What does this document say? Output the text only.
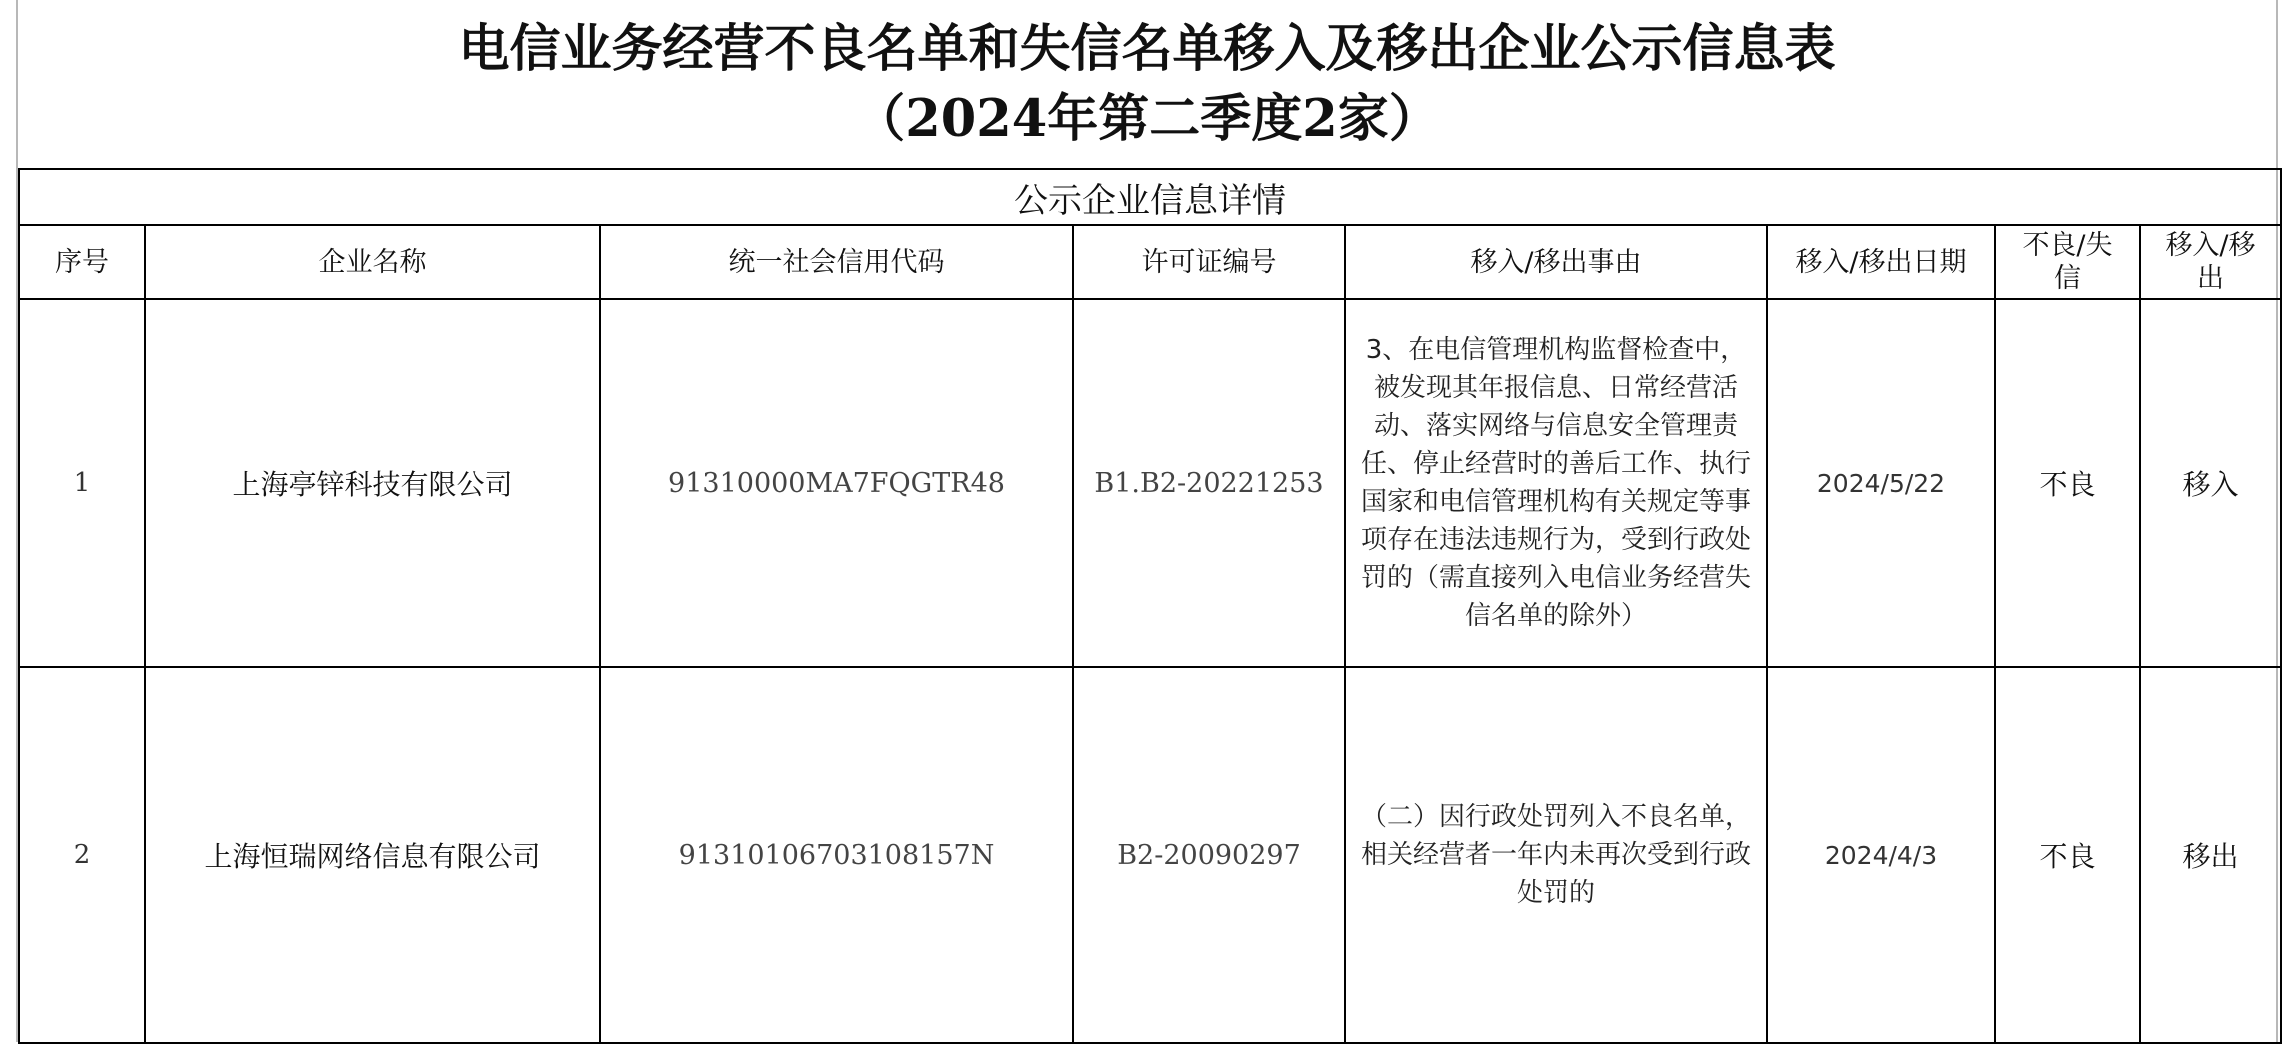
电信业务经营不良名单和失信名单移入及移出企业公示信息表
（2024年第二季度2家）
公示企业信息详情							
序号	企业名称	统一社会信用代码	许可证编号	移入/移出事由	移入/移出日期	不良/失信	移入/移出
1	上海亭锌科技有限公司	91310000MA7FQGTR48	B1.B2-20221253	3、在电信管理机构监督检查中，被发现其年报信息、日常经营活动、落实网络与信息安全管理责任、停止经营时的善后工作、执行国家和电信管理机构有关规定等事项存在违法违规行为，受到行政处罚的（需直接列入电信业务经营失信名单的除外）	2024/5/22	不良	移入
2	上海恒瑞网络信息有限公司	91310106703108157N	B2-20090297	（二）因行政处罚列入不良名单，相关经营者一年内未再次受到行政处罚的	2024/4/3	不良	移出
